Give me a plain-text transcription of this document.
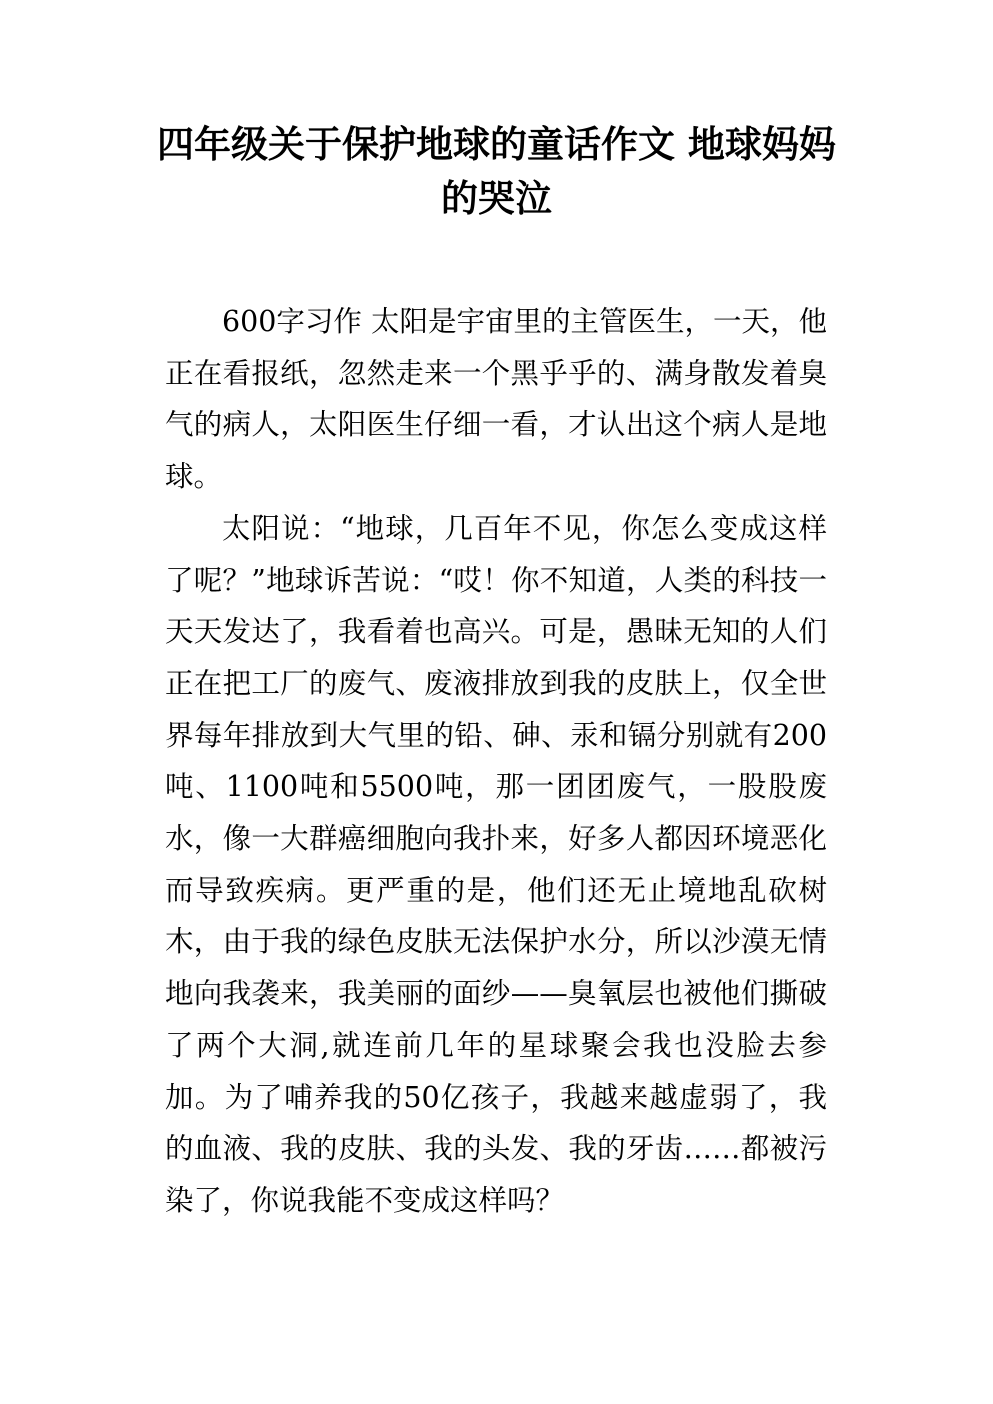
四年级关于保护地球的童话作文 地球妈妈的哭泣

600字习作 太阳是宇宙里的主管医生，一天，他正在看报纸，忽然走来一个黑乎乎的、满身散发着臭气的病人，太阳医生仔细一看，才认出这个病人是地球。

太阳说：“地球，几百年不见，你怎么变成这样了呢？”地球诉苦说：“哎！你不知道，人类的科技一天天发达了，我看着也高兴。可是，愚昧无知的人们正在把工厂的废气、废液排放到我的皮肤上，仅全世界每年排放到大气里的铅、砷、汞和镉分别就有200吨、1100吨和5500吨，那一团团废气，一股股废水，像一大群癌细胞向我扑来，好多人都因环境恶化而导致疾病。更严重的是，他们还无止境地乱砍树木，由于我的绿色皮肤无法保护水分，所以沙漠无情地向我袭来，我美丽的面纱——臭氧层也被他们撕破了两个大洞,就连前几年的星球聚会我也没脸去参加。为了哺养我的50亿孩子，我越来越虚弱了，我的血液、我的皮肤、我的头发、我的牙齿……都被污染了，你说我能不变成这样吗？
